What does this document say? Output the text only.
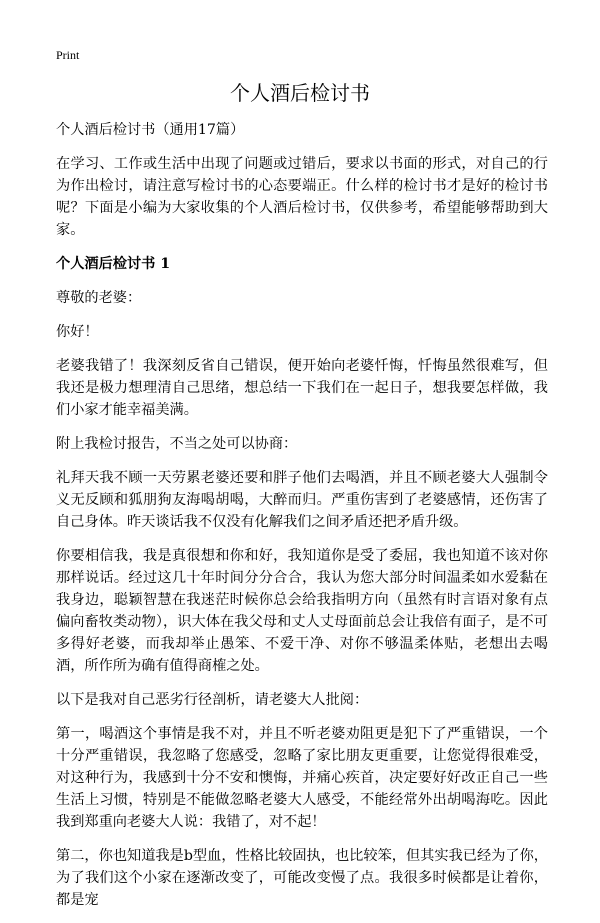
Print
个人酒后检讨书

个人酒后检讨书（通用17篇）

在学习、工作或生活中出现了问题或过错后，要求以书面的形式，对自己的行为作出检讨，请注意写检讨书的心态要端正。什么样的检讨书才是好的检讨书呢？下面是小编为大家收集的个人酒后检讨书，仅供参考，希望能够帮助到大家。

个人酒后检讨书 1

尊敬的老婆：

你好！

老婆我错了！我深刻反省自己错误，便开始向老婆忏悔，忏悔虽然很难写，但我还是极力想理清自己思绪，想总结一下我们在一起日子，想我要怎样做，我们小家才能幸福美满。

附上我检讨报告，不当之处可以协商：

礼拜天我不顾一天劳累老婆还要和胖子他们去喝酒，并且不顾老婆大人强制令义无反顾和狐朋狗友海喝胡喝，大醉而归。严重伤害到了老婆感情，还伤害了自己身体。昨天谈话我不仅没有化解我们之间矛盾还把矛盾升级。

你要相信我，我是真很想和你和好，我知道你是受了委屈，我也知道不该对你那样说话。经过这几十年时间分分合合，我认为您大部分时间温柔如水爱黏在我身边，聪颖智慧在我迷茫时候你总会给我指明方向（虽然有时言语对象有点偏向畜牧类动物），识大体在我父母和丈人丈母面前总会让我倍有面子，是不可多得好老婆，而我却举止愚笨、不爱干净、对你不够温柔体贴，老想出去喝酒，所作所为确有值得商榷之处。

以下是我对自己恶劣行径剖析，请老婆大人批阅：

第一，喝酒这个事情是我不对，并且不听老婆劝阻更是犯下了严重错误，一个十分严重错误，我忽略了您感受，忽略了家比朋友更重要，让您觉得很难受，对这种行为，我感到十分不安和懊悔，并痛心疾首，决定要好好改正自己一些生活上习惯，特别是不能做忽略老婆大人感受，不能经常外出胡喝海吃。因此我到郑重向老婆大人说：我错了，对不起！

第二，你也知道我是b型血，性格比较固执，也比较笨，但其实我已经为了你，为了我们这个小家在逐渐改变了，可能改变慢了点。我很多时候都是让着你，都是宠
